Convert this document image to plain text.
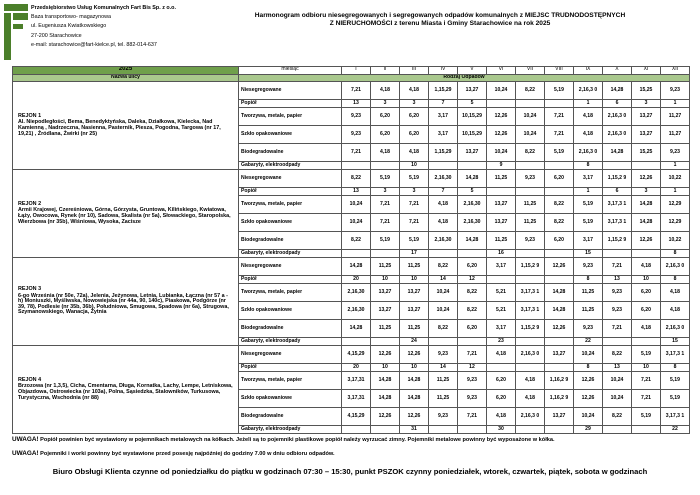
Przedsiębiorstwo Usług Komunalnych Fart Bis Sp. z o.o.
Baza transportowo- magazynowa
ul. Eugeniusza Kwiatkowskiego
27-200 Starachowice
e-mail: starachowice@fart-kielce.pl, tel. 882-014-637
Harmonogram odbioru niesegregowanych i segregowanych odpadów komunalnych z MIEJSC TRUDNODOSTĘPNYCH
Z NIERUCHOMOŚCI z terenu Miasta i Gminy Starachowice na rok 2025
2025	miesiąc	I	II	III	IV	V	VI	VII	VIII	IX	X	XI	XII
Nazwa ulicy	Rodzaj Odpadów												

REJON 1
Al. Niepodległości, Bema, Benedyktyńska, Daleka, Działkowa, Kielecka, Nad Kamienną , Nadrzeczna, Nasienna, Pasternik, Piesza, Pogodna, Targowa (nr 17, 19,21) , Źródlana, Żwirki (nr 25)	Niesegregowane	7,21	4,18	4,18	1,15,29	13,27	10,24	8,22	5,19	2,16,3 0	14,28	15,25	9,23
	Popiół	13	3	3	7	5				1	6	3	1
	Tworzywa, metale, papier	9,23	6,20	6,20	3,17	10,15,29	12,26	10,24	7,21	4,18	2,16,3 0	13,27	11,27
	Szkło opakowaniowe	9,23	6,20	6,20	3,17	10,15,29	12,26	10,24	7,21	4,18	2,16,3 0	13,27	11,27
	Biodegradowalne	7,21	4,18	4,18	1,15,29	13,27	10,24	8,22	5,19	2,16,3 0	14,28	15,25	9,23
	Gabaryty, elektroodpady			10			9			8			1

REJON 2
Armii Krajowej, Czereśniowa, Górna, Górzysta, Gruntowa, Kilińskiego, Kwiatowa, Łąży, Owocowa, Rynek (nr 10), Sadowa, Skalista (nr 5a), Słowackiego, Staropolska, Wierzbowa (nr 35b), Wiśniowa, Wysoka, Zacisze	Niesegregowane	8,22	5,19	5,19	2,16,30	14,28	11,25	9,23	6,20	3,17	1,15,2 9	12,26	10,22
	Popiół	13	3	3	7	5				1	6	3	1
	Tworzywa, metale, papier	10,24	7,21	7,21	4,18	2,16,30	13,27	11,25	8,22	5,19	3,17,3 1	14,28	12,29
	Szkło opakowaniowe	10,24	7,21	7,21	4,18	2,16,30	13,27	11,25	8,22	5,19	3,17,3 1	14,28	12,29
	Biodegradowalne	8,22	5,19	5,19	2,16,30	14,28	11,25	9,23	6,20	3,17	1,15,2 9	12,26	10,22
	Gabaryty, elektroodpady			17			16			15			8

REJON 3
6-go Września (nr 50e, 72a), Jelenia, Jeżynowa, Letnia, Lubianka, Łączna (nr 57 a - h) Moniuszki, Myśliwska, Nowowiejska (nr 44a, 90, 140c), Piaskowa, Podgórze (nr 39, 78), Podlesie (nr 35b, 36b), Południowa, Smugowa, Spadowa (nr 6a), Strugowa, Szymanowskiego, Wanacja, Żytnia	Niesegregowane	14,28	11,25	11,25	8,22	6,20	3,17	1,15,2 9	12,26	9,23	7,21	4,18	2,16,3 0
	Popiół	20	10	10	14	12				8	13	10	8
	Tworzywa, metale, papier	2,16,30	13,27	13,27	10,24	8,22	5,21	3,17,3 1	14,28	11,25	9,23	6,20	4,18
	Szkło opakowaniowe	2,16,30	13,27	13,27	10,24	8,22	5,21	3,17,3 1	14,28	11,25	9,23	6,20	4,18
	Biodegradowalne	14,28	11,25	11,25	8,22	6,20	3,17	1,15,2 9	12,26	9,23	7,21	4,18	2,16,3 0
	Gabaryty, elektroodpady			24			23			22			15

REJON 4
Brzozowa (nr 1,3,5), Cicha, Cmentarna, Długa, Kornatka, Lachy, Lempe, Letniskowa, Objazdowa, Ostrowiecka (nr 103a), Polna, Sąsiedzka, Stalowników, Turkusowa, Turystyczna, Wschodnia (nr 88)	Niesegregowane	4,15,29	12,26	12,26	9,23	7,21	4,18	2,16,3 0	13,27	10,24	8,22	5,19	3,17,3 1
	Popiół	20	10	10	14	12				8	13	10	8
	Tworzywa, metale, papier	3,17,31	14,28	14,28	11,25	9,23	6,20	4,18	1,16,2 9	12,26	10,24	7,21	5,19
	Szkło opakowaniowe	3,17,31	14,28	14,28	11,25	9,23	6,20	4,18	1,16,2 9	12,26	10,24	7,21	5,19
	Biodegradowalne	4,15,29	12,26	12,26	9,23	7,21	4,18	2,16,3 0	13,27	10,24	8,22	5,19	3,17,3 1
	Gabaryty, elektroodpady			31			30			29			22
UWAGA! Popiół powinien być wystawiony w pojemnikach metalowych na kółkach. Jeżeli są to pojemniki plastikowe popiół należy wyrzucać zimny. Pojemniki metalowe powinny być wyposażone w kółka.
UWAGA! Pojemniki i worki powinny być wystawione przed posesję najpóźniej do godziny 7.00 w dniu odbioru odpadów.
Biuro Obsługi Klienta czynne od poniedziałku do piątku w godzinach 07:30 – 15:30, punkt PSZOK czynny poniedziałek, wtorek, czwartek, piątek, sobota w godzinach
